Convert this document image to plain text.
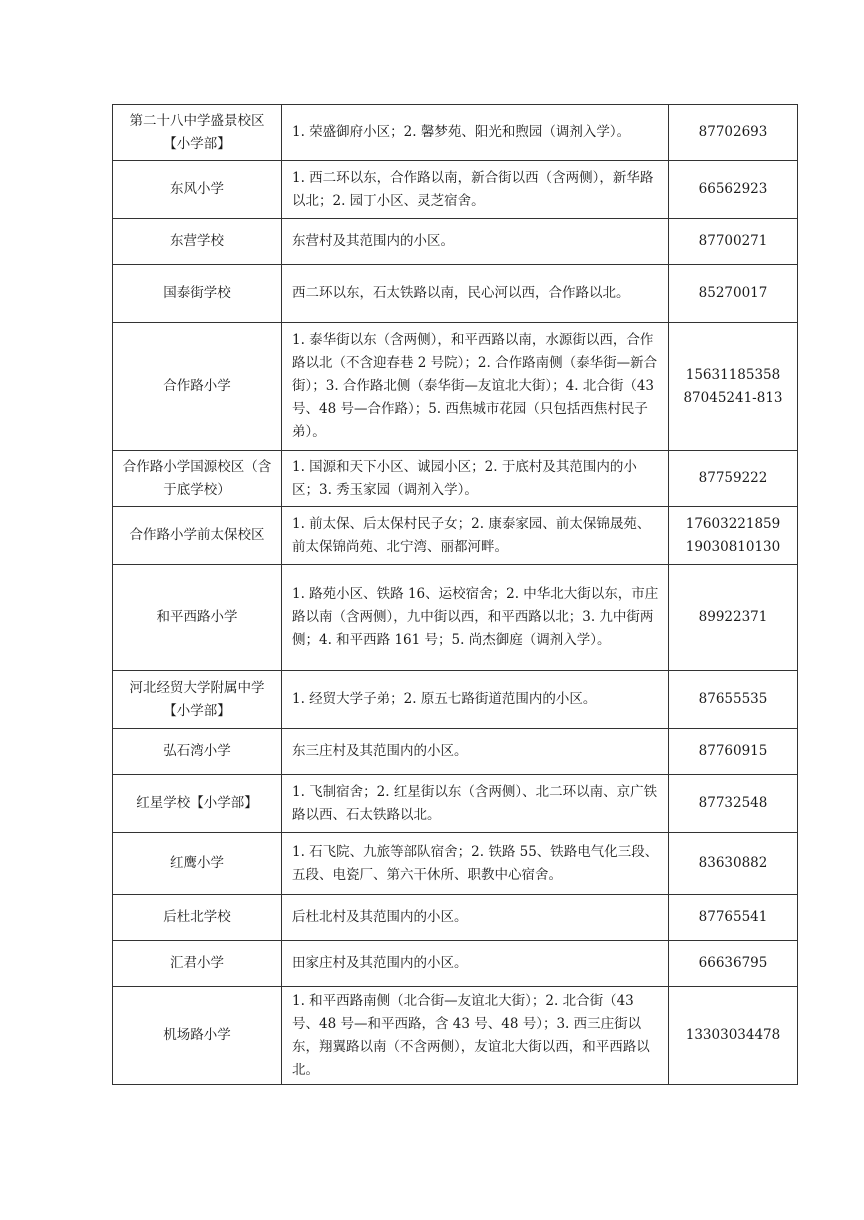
第二十八中学盛景校区【小学部】	1. 荣盛御府小区；2. 馨梦苑、阳光和煦园（调剂入学）。	87702693

东风小学	1. 西二环以东，合作路以南，新合街以西（含两侧），新华路以北；2. 园丁小区、灵芝宿舍。	66562923

东营学校	东营村及其范围内的小区。	87700271

国泰街学校	西二环以东，石太铁路以南，民心河以西，合作路以北。	85270017

合作路小学	1. 泰华街以东（含两侧），和平西路以南，水源街以西，合作路以北（不含迎春巷 2 号院）；2. 合作路南侧（泰华街—新合街）；3. 合作路北侧（泰华街—友谊北大街）；4. 北合街（43 号、48 号—合作路）；5. 西焦城市花园（只包括西焦村民子弟）。	15631185358
87045241-813

合作路小学国源校区（含于底学校）	1. 国源和天下小区、诚园小区；2. 于底村及其范围内的小区；3. 秀玉家园（调剂入学）。	87759222

合作路小学前太保校区	1. 前太保、后太保村民子女；2. 康泰家园、前太保锦晟苑、前太保锦尚苑、北宁湾、丽都河畔。	17603221859
19030810130

和平西路小学	1. 路苑小区、铁路 16、运校宿舍；2. 中华北大街以东，市庄路以南（含两侧），九中街以西，和平西路以北；3. 九中街两侧；4. 和平西路 161 号；5. 尚杰御庭（调剂入学）。	89922371

河北经贸大学附属中学【小学部】	1. 经贸大学子弟；2. 原五七路街道范围内的小区。	87655535

弘石湾小学	东三庄村及其范围内的小区。	87760915

红星学校【小学部】	1. 飞制宿舍；2. 红星街以东（含两侧）、北二环以南、京广铁路以西、石太铁路以北。	87732548

红鹰小学	1. 石飞院、九旅等部队宿舍；2. 铁路 55、铁路电气化三段、五段、电瓷厂、第六干休所、职教中心宿舍。	83630882

后杜北学校	后杜北村及其范围内的小区。	87765541

汇君小学	田家庄村及其范围内的小区。	66636795

机场路小学	1. 和平西路南侧（北合街—友谊北大街）；2. 北合街（43 号、48 号—和平西路，含 43 号、48 号）；3. 西三庄街以东，翔翼路以南（不含两侧），友谊北大街以西，和平西路以北。	13303034478
